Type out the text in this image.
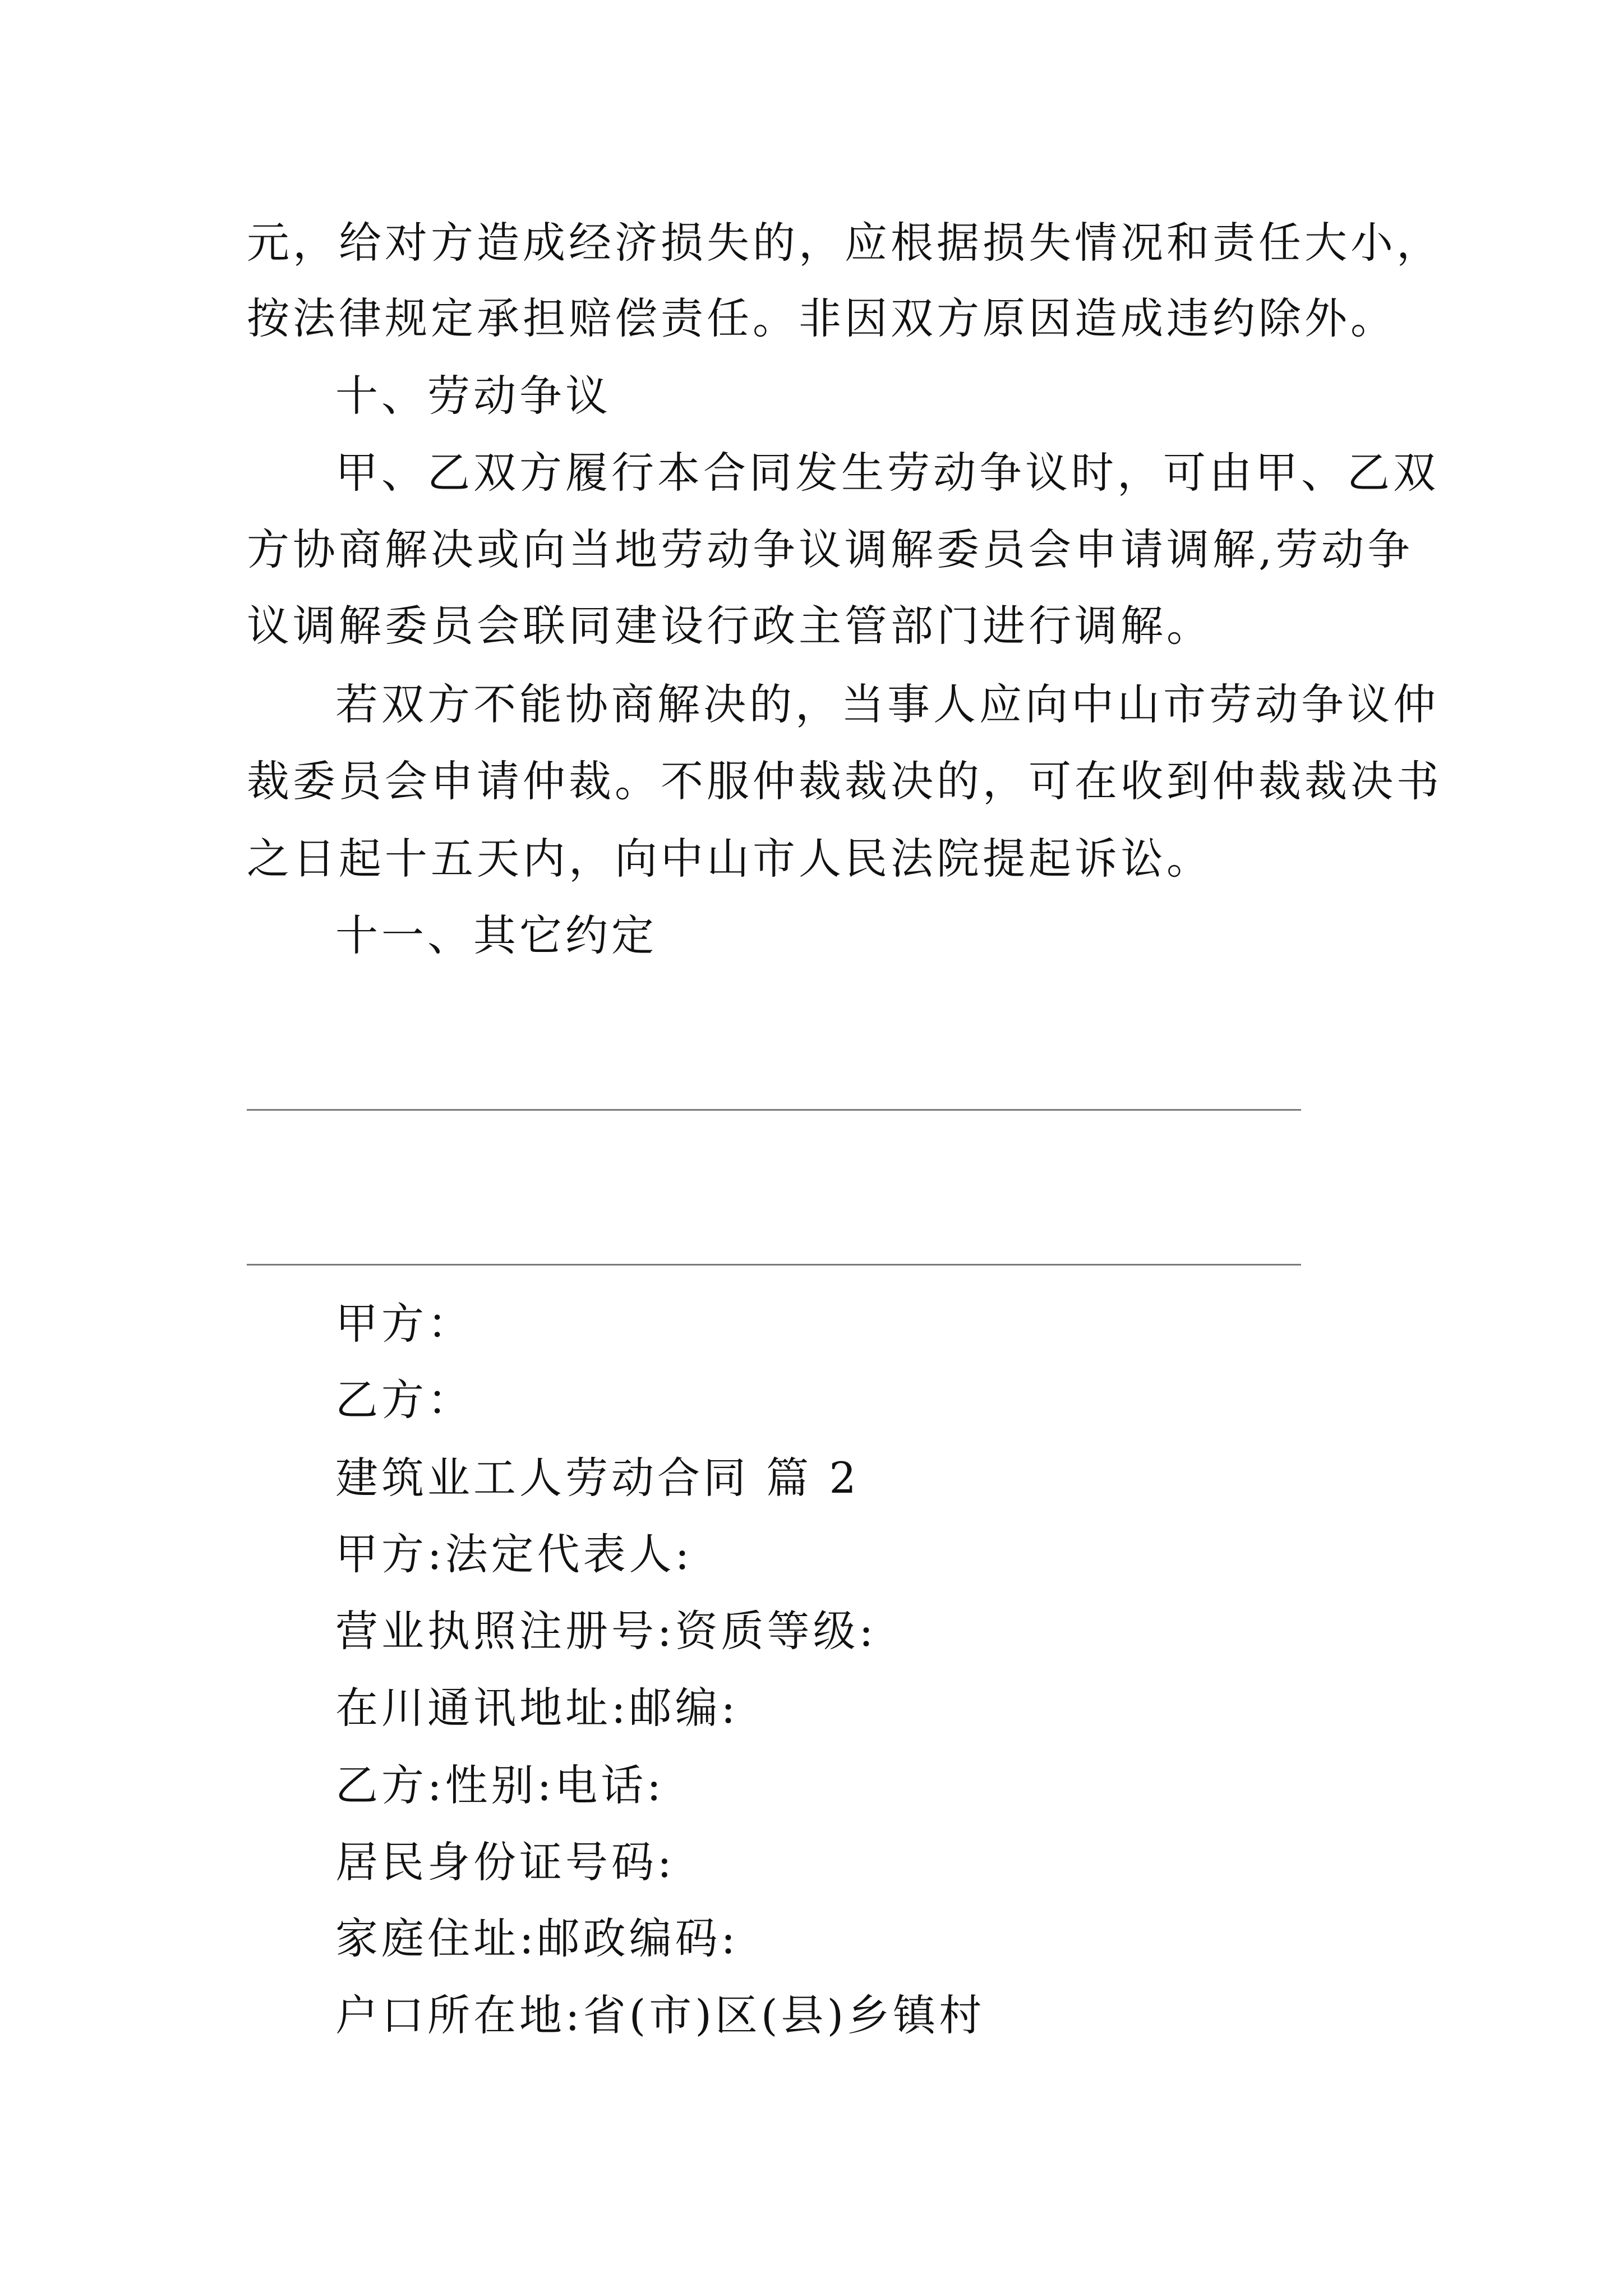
元，给对方造成经济损失的，应根据损失情况和责任大小，
按法律规定承担赔偿责任。非因双方原因造成违约除外。
十、劳动争议
甲、乙双方履行本合同发生劳动争议时，可由甲、乙双
方协商解决或向当地劳动争议调解委员会申请调解,劳动争
议调解委员会联同建设行政主管部门进行调解。
若双方不能协商解决的，当事人应向中山市劳动争议仲
裁委员会申请仲裁。不服仲裁裁决的，可在收到仲裁裁决书
之日起十五天内，向中山市人民法院提起诉讼。
十一、其它约定
甲方：
乙方：
建筑业工人劳动合同 篇 2
甲方:法定代表人:
营业执照注册号:资质等级:
在川通讯地址:邮编:
乙方:性别:电话:
居民身份证号码:
家庭住址:邮政编码:
户口所在地:省(市)区(县)乡镇村
